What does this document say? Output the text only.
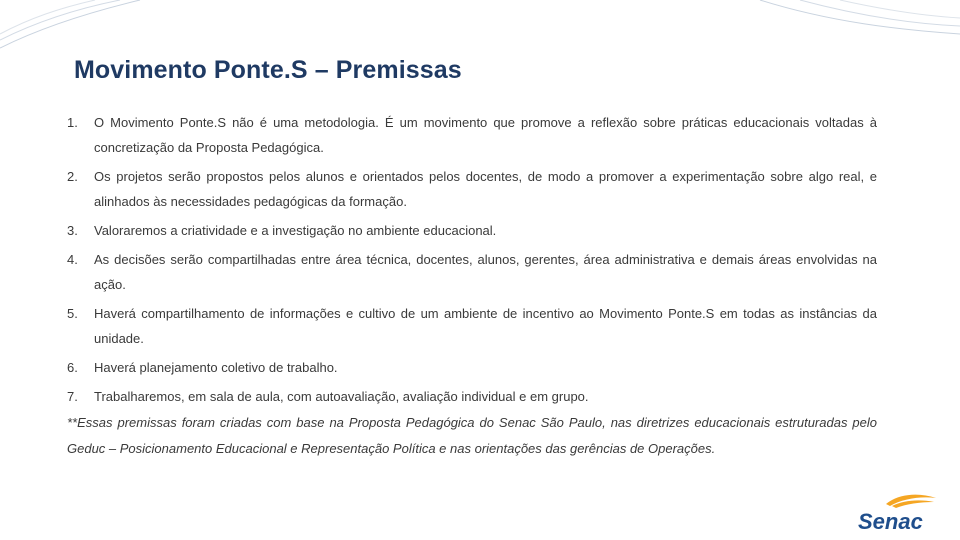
Movimento Ponte.S – Premissas
1. O Movimento Ponte.S não é uma metodologia. É um movimento que promove a reflexão sobre práticas educacionais voltadas à concretização da Proposta Pedagógica.
2. Os projetos serão propostos pelos alunos e orientados pelos docentes, de modo a promover a experimentação sobre algo real, e alinhados às necessidades pedagógicas da formação.
3. Valoraremos a criatividade e a investigação no ambiente educacional.
4. As decisões serão compartilhadas entre área técnica, docentes, alunos, gerentes, área administrativa e demais áreas envolvidas na ação.
5. Haverá compartilhamento de informações e cultivo de um ambiente de incentivo ao Movimento Ponte.S em todas as instâncias da unidade.
6. Haverá planejamento coletivo de trabalho.
7. Trabalharemos, em sala de aula, com autoavaliação, avaliação individual e em grupo.
**Essas premissas foram criadas com base na Proposta Pedagógica do Senac São Paulo, nas diretrizes educacionais estruturadas pelo Geduc – Posicionamento Educacional e Representação Política e nas orientações das gerências de Operações.
Senac
